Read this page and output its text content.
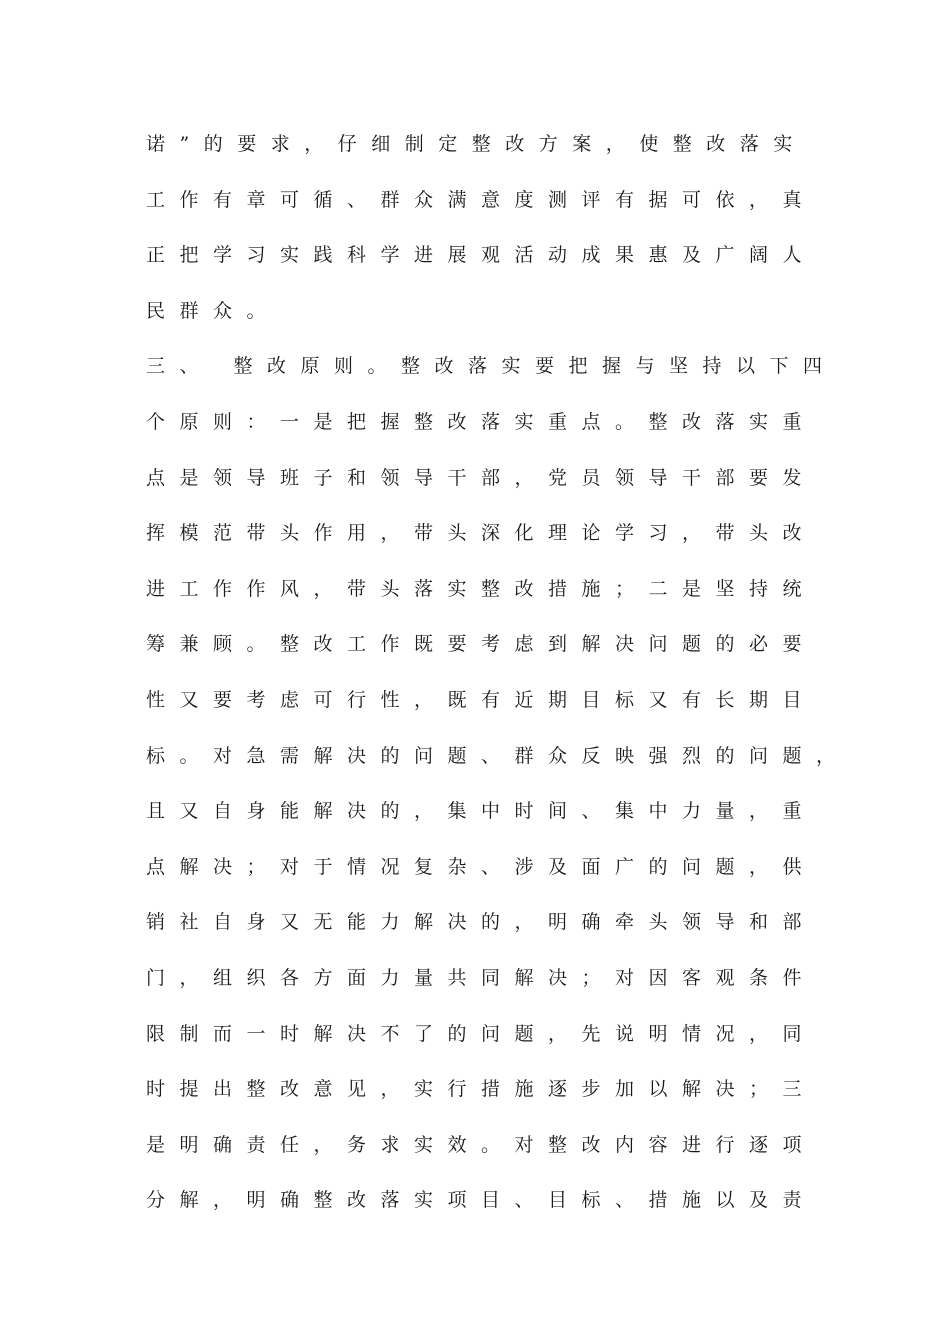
诺”的要求，仔细制定整改方案，使整改落实
工作有章可循、群众满意度测评有据可依，真
正把学习实践科学进展观活动成果惠及广阔人
民群众。
三、 整改原则。整改落实要把握与坚持以下四
个原则：一是把握整改落实重点。整改落实重
点是领导班子和领导干部，党员领导干部要发
挥模范带头作用，带头深化理论学习，带头改
进工作作风，带头落实整改措施；二是坚持统
筹兼顾。整改工作既要考虑到解决问题的必要
性又要考虑可行性，既有近期目标又有长期目
标。对急需解决的问题、群众反映强烈的问题，
且又自身能解决的，集中时间、集中力量，重
点解决；对于情况复杂、涉及面广的问题，供
销社自身又无能力解决的，明确牵头领导和部
门，组织各方面力量共同解决；对因客观条件
限制而一时解决不了的问题，先说明情况，同
时提出整改意见，实行措施逐步加以解决；三
是明确责任，务求实效。对整改内容进行逐项
分解，明确整改落实项目、目标、措施以及责
